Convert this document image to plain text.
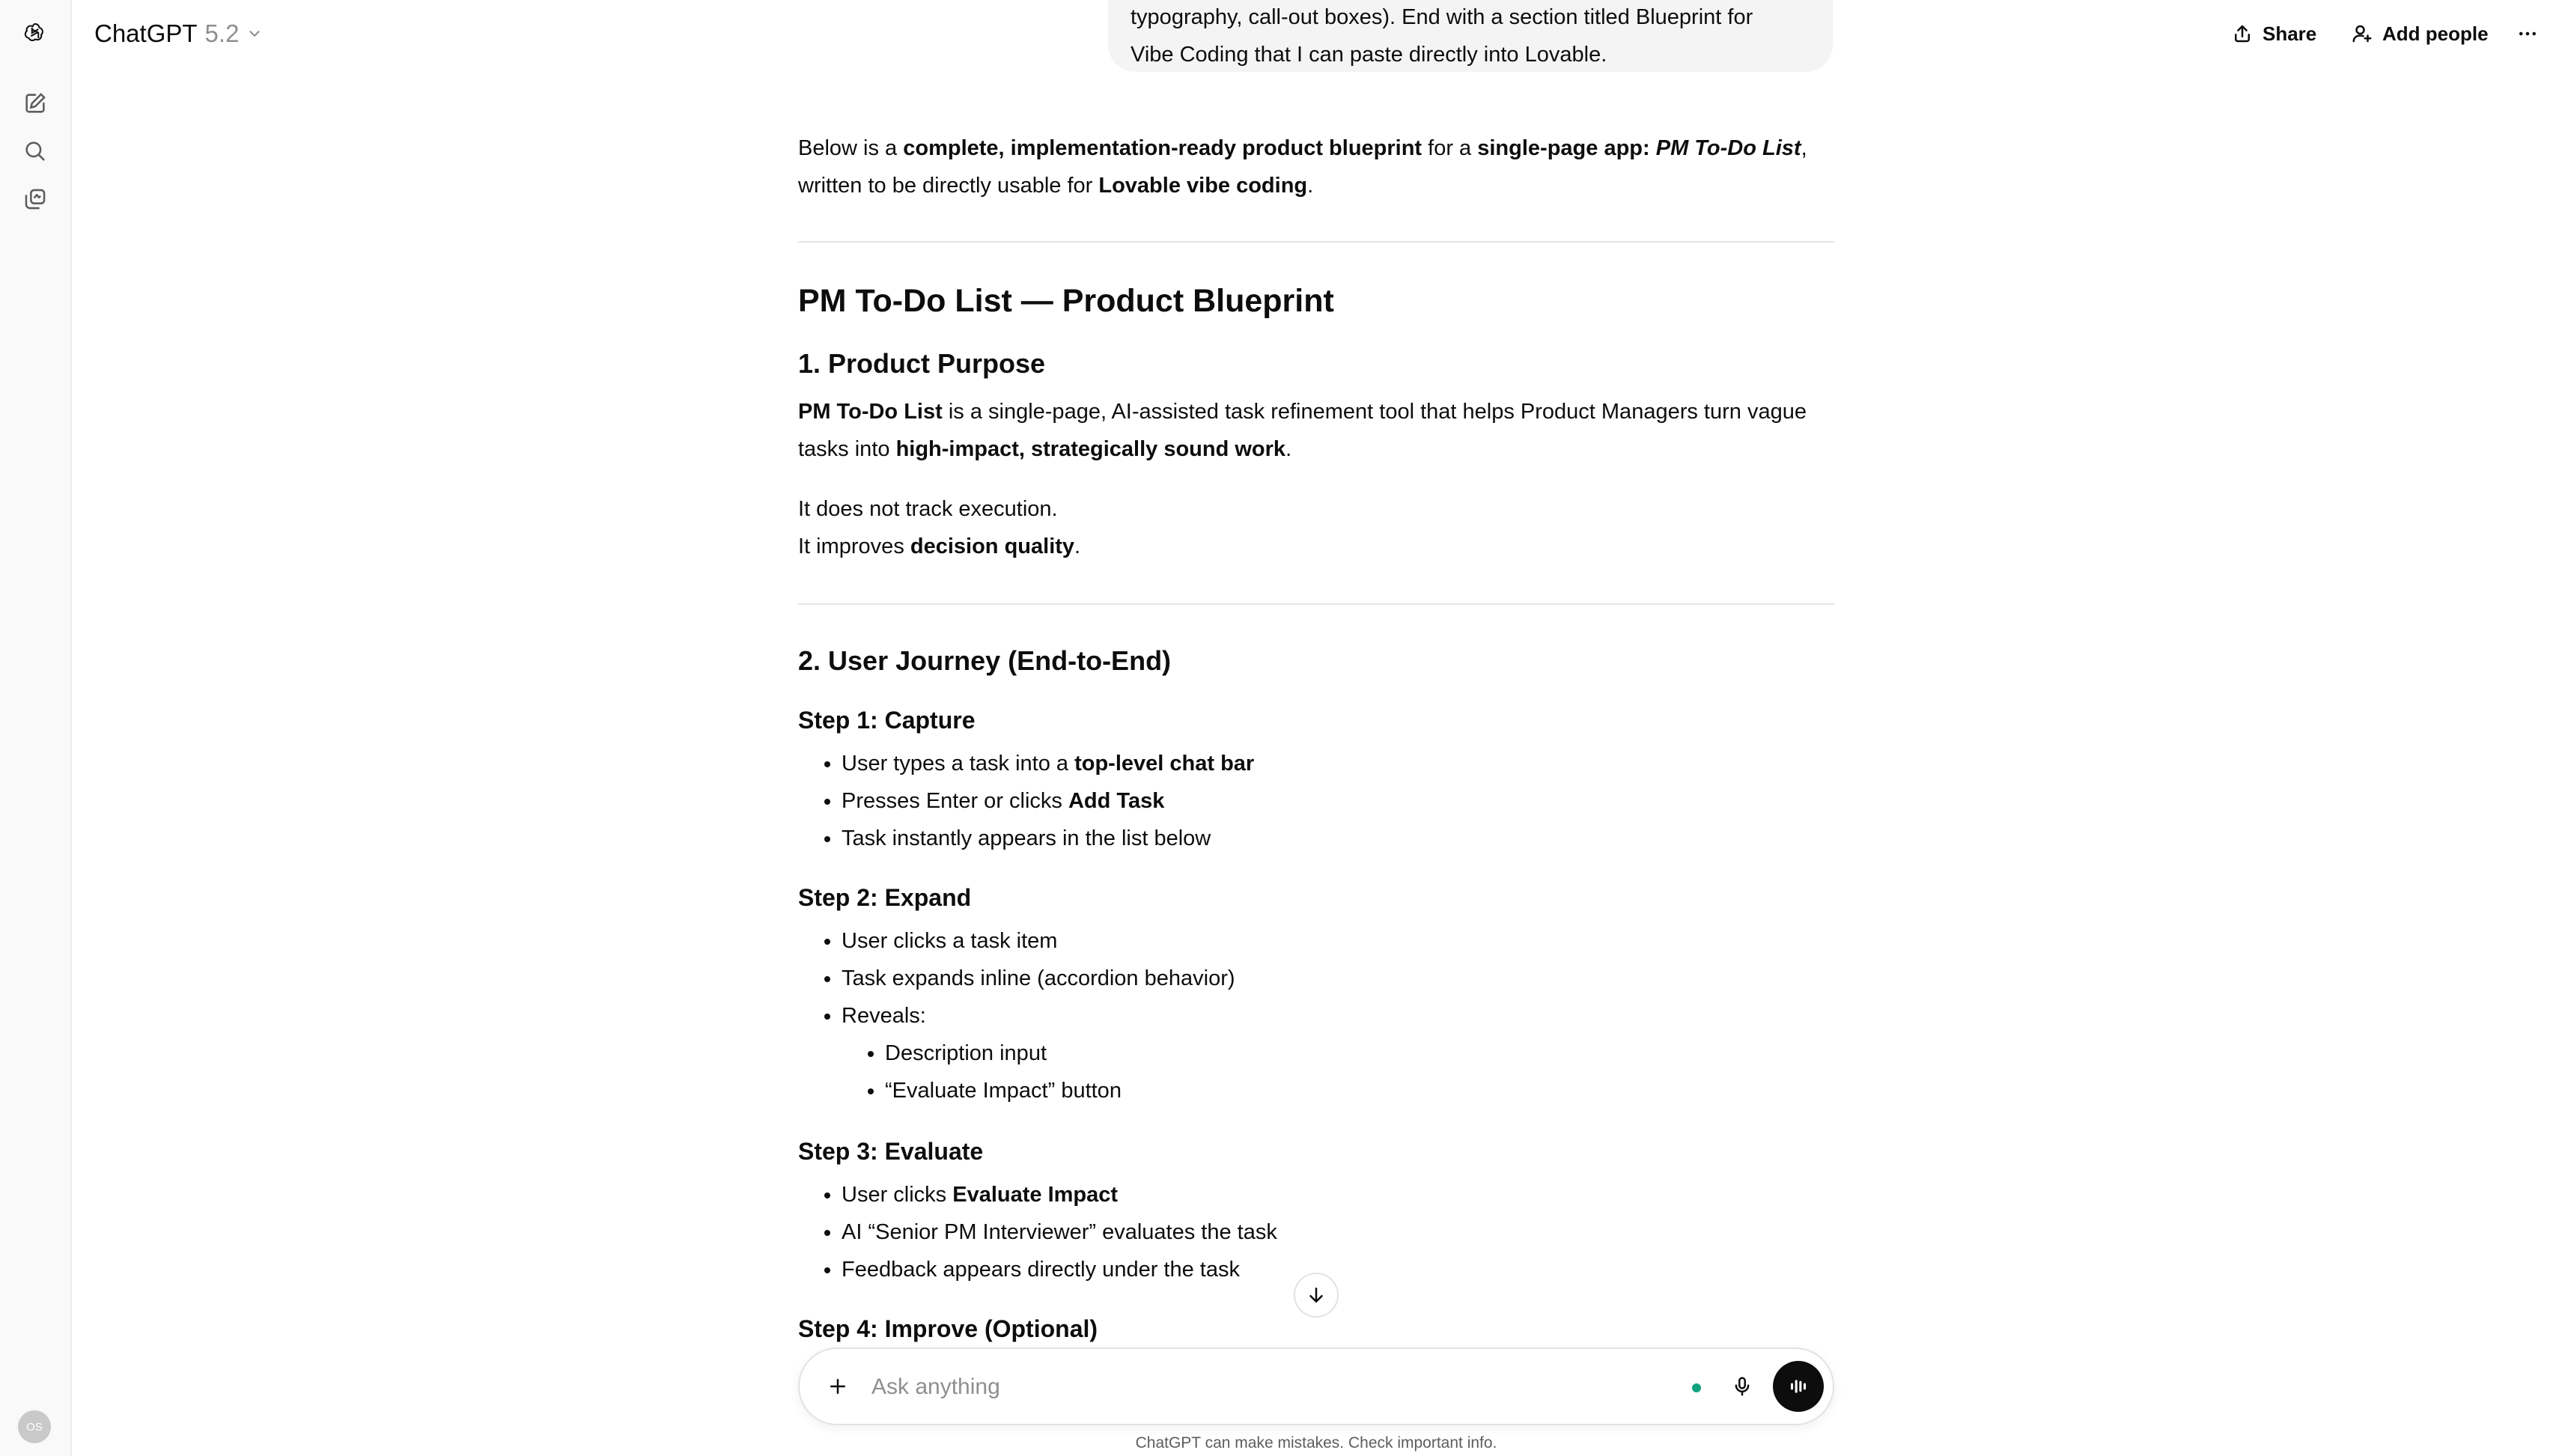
OS
ChatGPT 5.2	Share	Add people
typography, call-out boxes). End with a section titled Blueprint for
Vibe Coding that I can paste directly into Lovable.

Below is a complete, implementation-ready product blueprint for a single-page app: PM To-Do List,
written to be directly usable for Lovable vibe coding.

PM To-Do List — Product Blueprint
1. Product Purpose

PM To-Do List is a single-page, AI-assisted task refinement tool that helps Product Managers turn vague
tasks into high-impact, strategically sound work.

It does not track execution.
It improves decision quality.

2. User Journey (End-to-End)
Step 1: Capture
• User types a task into a top-level chat bar
• Presses Enter or clicks Add Task
• Task instantly appears in the list below
Step 2: Expand
• User clicks a task item
• Task expands inline (accordion behavior)
• Reveals:
• Description input
• “Evaluate Impact” button
Step 3: Evaluate
• User clicks Evaluate Impact
• AI “Senior PM Interviewer” evaluates the task
• Feedback appears directly under the task
Step 4: Improve (Optional)
Ask anything
ChatGPT can make mistakes. Check important info.
